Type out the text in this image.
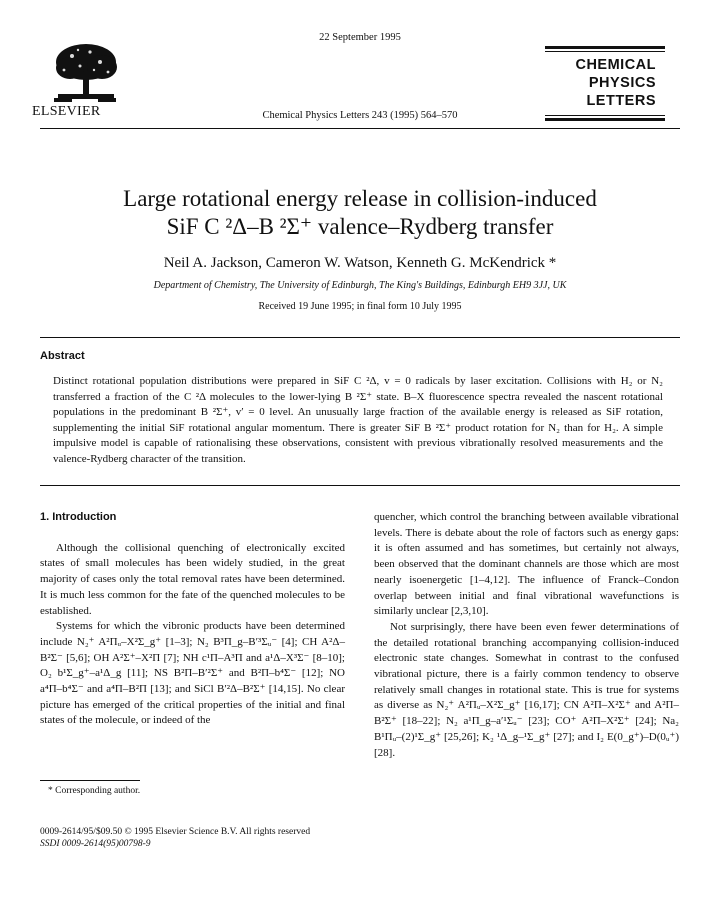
ELSEVIER
22 September 1995
Chemical Physics Letters 243 (1995) 564–570
CHEMICAL
PHYSICS
LETTERS
Large rotational energy release in collision-induced
SiF C ²Δ–B ²Σ⁺ valence–Rydberg transfer
Neil A. Jackson, Cameron W. Watson, Kenneth G. McKendrick *
Department of Chemistry, The University of Edinburgh, The King's Buildings, Edinburgh EH9 3JJ, UK
Received 19 June 1995; in final form 10 July 1995
Abstract

Distinct rotational population distributions were prepared in SiF C ²Δ, v = 0 radicals by laser excitation. Collisions with H₂ or N₂ transferred a fraction of the C ²Δ molecules to the lower-lying B ²Σ⁺ state. B–X fluorescence spectra revealed the nascent rotational populations in the predominant B ²Σ⁺, v′ = 0 level. An unusually large fraction of the available energy is released as SiF rotation, supplementing the initial SiF rotational angular momentum. There is greater SiF B ²Σ⁺ product rotation for N₂ than for H₂. A simple impulsive model is capable of rationalising these observations, consistent with previous vibrationally resolved measurements and the valence-Rydberg character of the transition.

1. Introduction

Although the collisional quenching of electronically excited states of small molecules has been widely studied, in the great majority of cases only the total removal rates have been determined. It is much less common for the fate of the quenched molecules to be established.

Systems for which the vibronic products have been determined include N₂⁺ A²Πᵤ–X²Σ_g⁺ [1–3]; N₂ B³Π_g–B′³Σᵤ⁻ [4]; CH A²Δ–B²Σ⁻ [5,6]; OH A²Σ⁺–X²Π [7]; NH c¹Π–A³Π and a¹Δ–X³Σ⁻ [8–10]; O₂ b¹Σ_g⁺–a¹Δ_g [11]; NS B²Π–B′²Σ⁺ and B²Π–b⁴Σ⁻ [12]; NO a⁴Π–b⁴Σ⁻ and a⁴Π–B²Π [13]; and SiCl B′²Δ–B²Σ⁺ [14,15]. No clear picture has emerged of the critical properties of the initial and final states of the molecule, or indeed of the

quencher, which control the branching between available vibrational levels. There is debate about the role of factors such as energy gaps: it is often assumed and has sometimes, but certainly not always, been observed that the dominant channels are those which are most nearly isoenergetic [1–4,12]. The influence of Franck–Condon overlap between initial and final vibrational wavefunctions is similarly unclear [2,3,10].

Not surprisingly, there have been even fewer determinations of the detailed rotational branching accompanying collision-induced electronic state changes. Somewhat in contrast to the confused vibrational picture, there is a fairly common tendency to observe relatively small changes in rotational state. This is true for systems as diverse as N₂⁺ A²Πᵤ–X²Σ_g⁺ [16,17]; CN A²Π–X²Σ⁺ and A²Π–B²Σ⁺ [18–22]; N₂ a¹Π_g–a′¹Σᵤ⁻ [23]; CO⁺ A²Π–X²Σ⁺ [24]; Na₂ B¹Πᵤ–(2)¹Σ_g⁺ [25,26]; K₂ ¹Δ_g–¹Σ_g⁺ [27]; and I₂ E(0_g⁺)–D(0ᵤ⁺) [28].

* Corresponding author.
0009-2614/95/$09.50 © 1995 Elsevier Science B.V. All rights reserved
SSDI 0009-2614(95)00798-9
